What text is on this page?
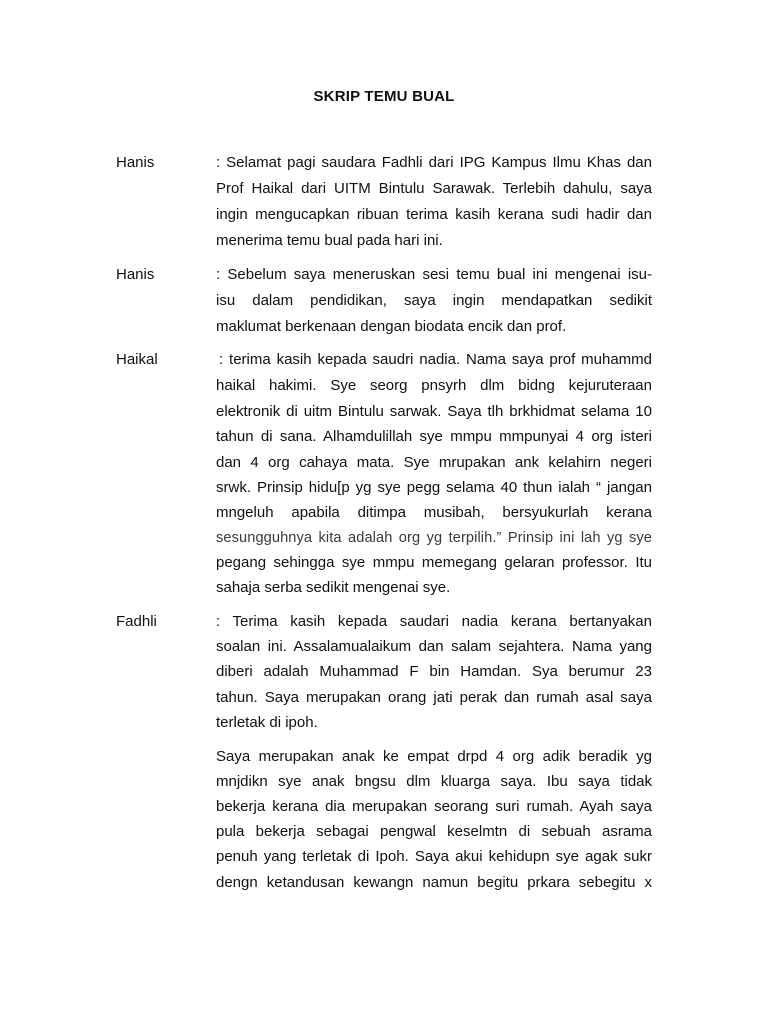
SKRIP TEMU BUAL
Hanis	: Selamat pagi saudara Fadhli dari IPG Kampus Ilmu Khas dan
Prof Haikal dari UITM Bintulu Sarawak. Terlebih dahulu, saya
ingin mengucapkan ribuan terima kasih kerana sudi hadir dan
menerima temu bual pada hari ini.
Hanis	: Sebelum saya meneruskan sesi temu bual ini mengenai isu-
isu dalam pendidikan, saya ingin mendapatkan sedikit
maklumat berkenaan dengan biodata encik dan prof.
Haikal	: terima kasih kepada saudri nadia. Nama saya prof muhammd
haikal hakimi. Sye seorg pnsyrh dlm bidng kejuruteraan
elektronik di uitm Bintulu sarwak. Saya tlh brkhidmat selama 10
tahun di sana. Alhamdulillah sye mmpu mmpunyai 4 org isteri
dan 4 org cahaya mata. Sye mrupakan ank kelahirn negeri
srwk. Prinsip hidu[p yg sye pegg selama 40 thun ialah “ jangan
mngeluh apabila ditimpa musibah, bersyukurlah kerana
sesungguhnya kita adalah org yg terpilih.” Prinsip ini lah yg sye
pegang sehingga sye mmpu memegang gelaran professor. Itu
sahaja serba sedikit mengenai sye.
Fadhli	: Terima kasih kepada saudari nadia kerana bertanyakan
soalan ini. Assalamualaikum dan salam sejahtera. Nama yang
diberi adalah Muhammad F bin Hamdan. Sya berumur 23
tahun. Saya merupakan orang jati perak dan rumah asal saya
terletak di ipoh.
Saya merupakan anak ke empat drpd 4 org adik beradik yg
mnjdikn sye anak bngsu dlm kluarga saya. Ibu saya tidak
bekerja kerana dia merupakan seorang suri rumah. Ayah saya
pula bekerja sebagai pengwal keselmtn di sebuah asrama
penuh yang terletak di Ipoh. Saya akui kehidupn sye agak sukr
dengn ketandusan kewangn namun begitu prkara sebegitu x
